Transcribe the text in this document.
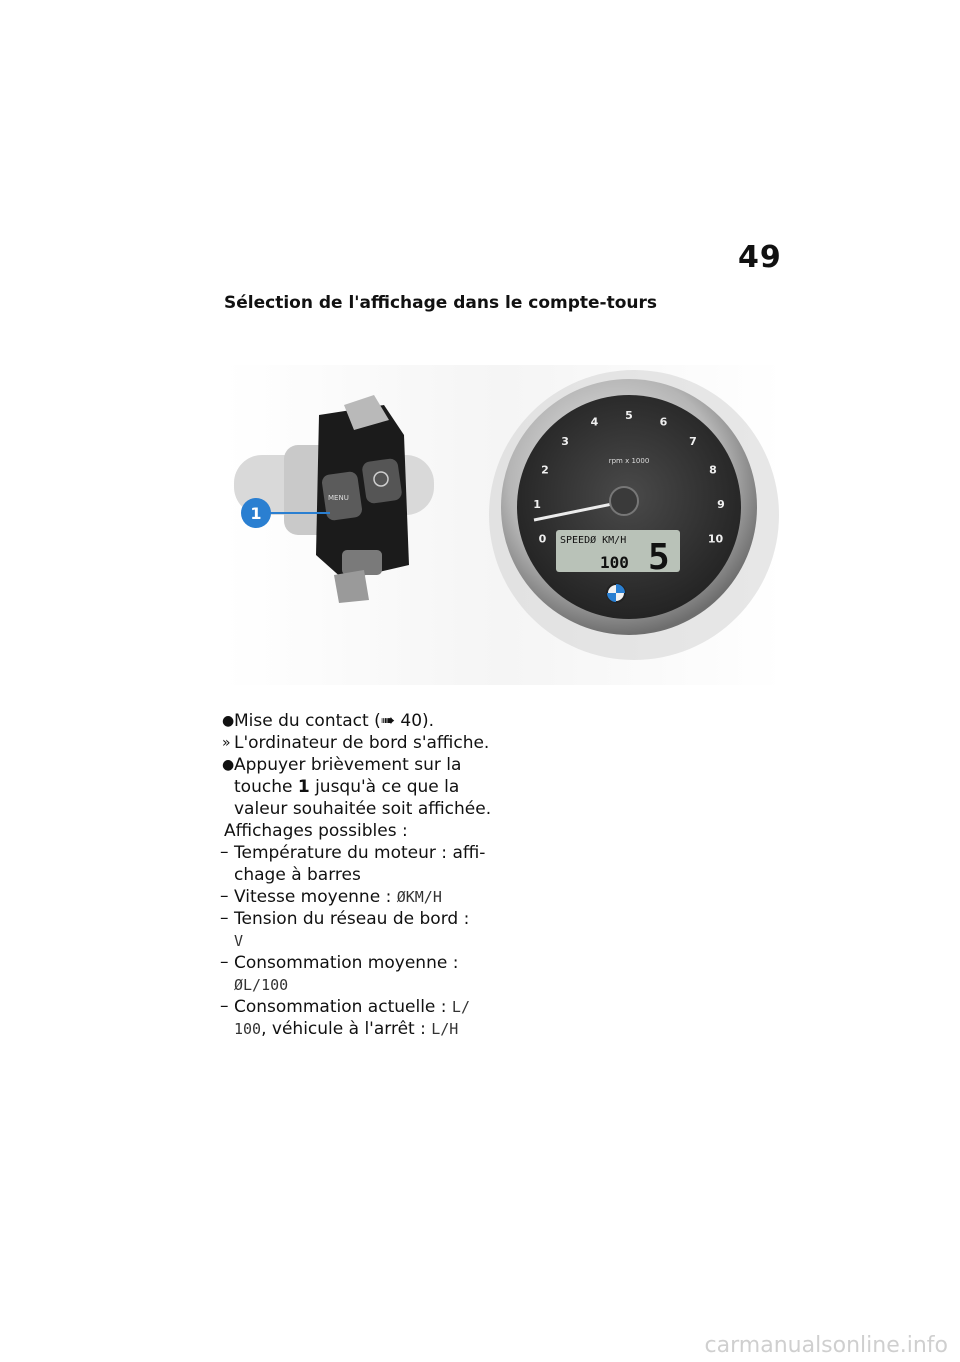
49
Sélection de l'affichage dans le compte-tours
MENU
1
0
1
2
3
4
5
6
7
8
9
10
rpm x 1000
SPEEDØ KM/H
100 5
● Mise du contact (➠ 40).
» L'ordinateur de bord s'affiche.
● Appuyer brièvement sur la
touche 1 jusqu'à ce que la
valeur souhaitée soit affichée.
Affichages possibles :
– Température du moteur : affi-
chage à barres
– Vitesse moyenne : ØKM/H
– Tension du réseau de bord :
V
– Consommation moyenne :
ØL/100
– Consommation actuelle : L/
100, véhicule à l'arrêt : L/H
carmanualsonline.info
